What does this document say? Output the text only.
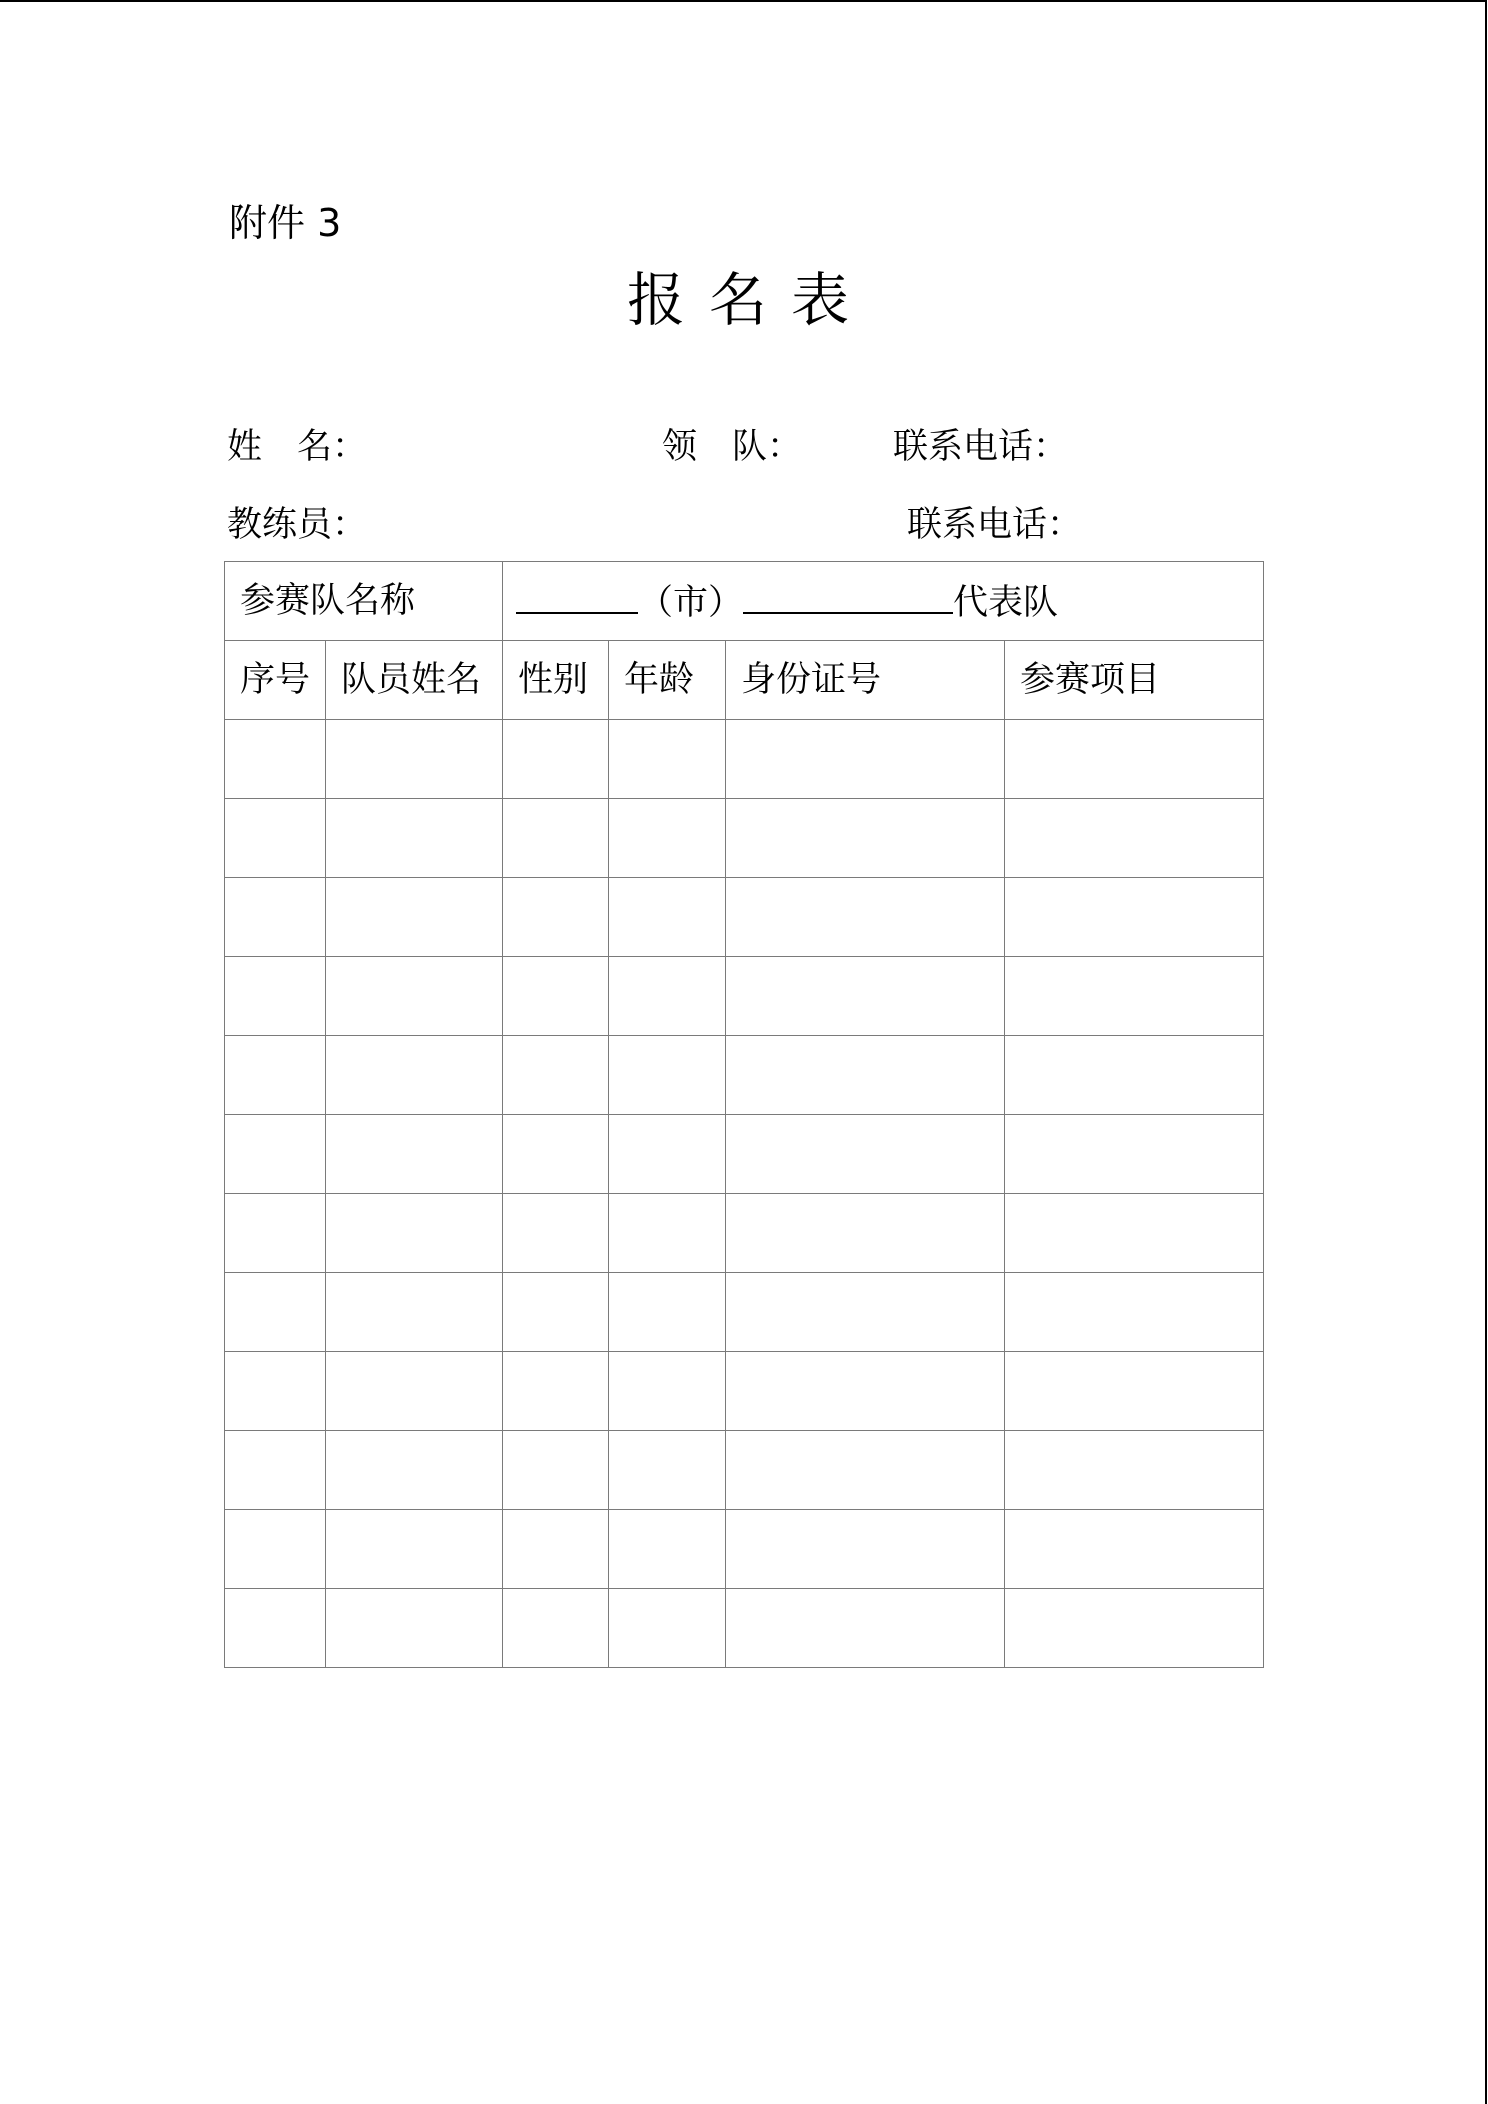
附件 3
报名表
姓　名：	领　队：	联系电话：
教练员：	联系电话：
参赛队名称		（市） 代表队			
序号	队员姓名	性别	年龄	身份证号	参赛项目
